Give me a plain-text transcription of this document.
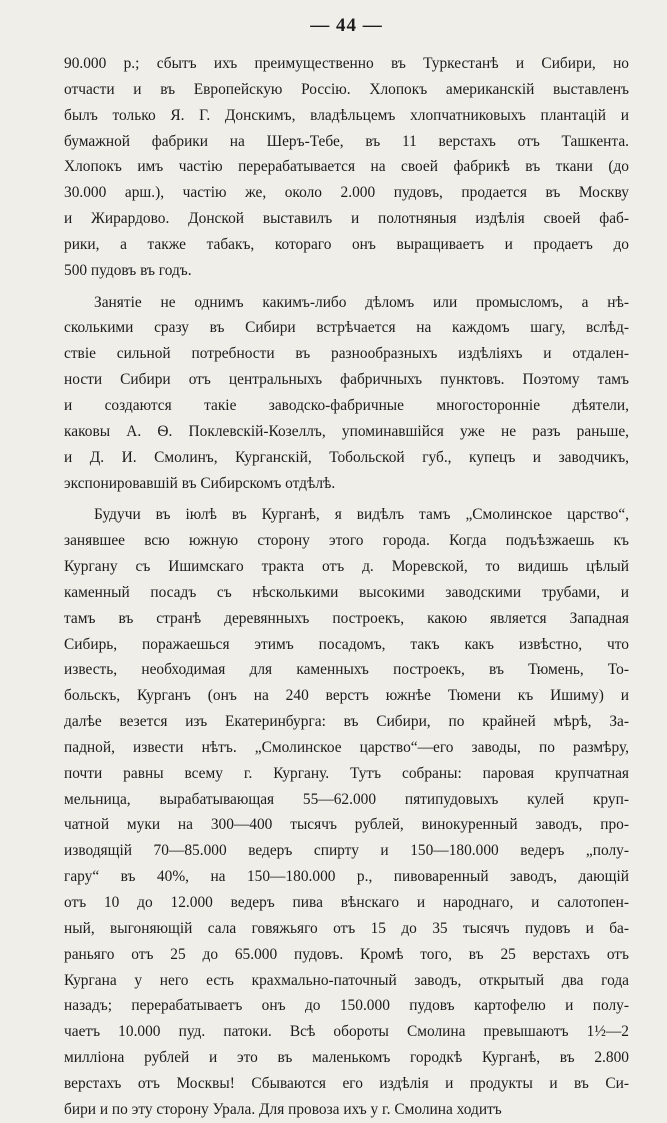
— 44 —
90.000 р.; сбытъ ихъ преимущественно въ Туркестанѣ и Сибири, но
отчасти и въ Европейскую Россію. Хлопокъ американскій выставленъ
былъ только Я. Г. Донскимъ, владѣльцемъ хлопчатниковыхъ плантацій и
бумажной фабрики на Шеръ-Тебе, въ 11 верстахъ отъ Ташкента.
Хлопокъ имъ частію перерабатывается на своей фабрикѣ въ ткани (до
30.000 арш.), частію же, около 2.000 пудовъ, продается въ Москву
и Жирардово. Донской выставилъ и полотняныя издѣлія своей фаб-
рики, а также табакъ, котораго онъ выращиваетъ и продаетъ до
500 пудовъ въ годъ.
Занятіе не однимъ какимъ-либо дѣломъ или промысломъ, а нѣ-
сколькими сразу въ Сибири встрѣчается на каждомъ шагу, вслѣд-
ствіе сильной потребности въ разнообразныхъ издѣліяхъ и отдален-
ности Сибири отъ центральныхъ фабричныхъ пунктовъ. Поэтому тамъ
и создаются такіе заводско-фабричные многосторонніе дѣятели,
каковы А. Ѳ. Поклевскій-Козеллъ, упоминавшійся уже не разъ раньше,
и Д. И. Смолинъ, Курганскій, Тобольской губ., купецъ и заводчикъ,
экспонировавшій въ Сибирскомъ отдѣлѣ.
Будучи въ іюлѣ въ Курганѣ, я видѣлъ тамъ „Смолинское царство“,
занявшее всю южную сторону этого города. Когда подъѣзжаешь къ
Кургану съ Ишимскаго тракта отъ д. Моревской, то видишь цѣлый
каменный посадъ съ нѣсколькими высокими заводскими трубами, и
тамъ въ странѣ деревянныхъ построекъ, какою является Западная
Сибирь, поражаешься этимъ посадомъ, такъ какъ извѣстно, что
известь, необходимая для каменныхъ построекъ, въ Тюмень, То-
больскъ, Курганъ (онъ на 240 верстъ южнѣе Тюмени къ Ишиму) и
далѣе везется изъ Екатеринбурга: въ Сибири, по крайней мѣрѣ, За-
падной, извести нѣтъ. „Смолинское царство“—его заводы, по размѣру,
почти равны всему г. Кургану. Тутъ собраны: паровая крупчатная
мельница, вырабатывающая 55—62.000 пятипудовыхъ кулей круп-
чатной муки на 300—400 тысячъ рублей, винокуренный заводъ, про-
изводящій 70—85.000 ведеръ спирту и 150—180.000 ведеръ „полу-
гару“ въ 40%, на 150—180.000 р., пивоваренный заводъ, дающій
отъ 10 до 12.000 ведеръ пива вѣнскаго и народнаго, и салотопен-
ный, выгоняющій сала говяжьяго отъ 15 до 35 тысячъ пудовъ и ба-
раньяго отъ 25 до 65.000 пудовъ. Кромѣ того, въ 25 верстахъ отъ
Кургана у него есть крахмально-паточный заводъ, открытый два года
назадъ; перерабатываетъ онъ до 150.000 пудовъ картофелю и полу-
чаетъ 10.000 пуд. патоки. Всѣ обороты Смолина превышаютъ 1½—2
милліона рублей и это въ маленькомъ городкѣ Курганѣ, въ 2.800
верстахъ отъ Москвы! Сбываются его издѣлія и продукты и въ Си-
бири и по эту сторону Урала. Для провоза ихъ у г. Смолина ходитъ
